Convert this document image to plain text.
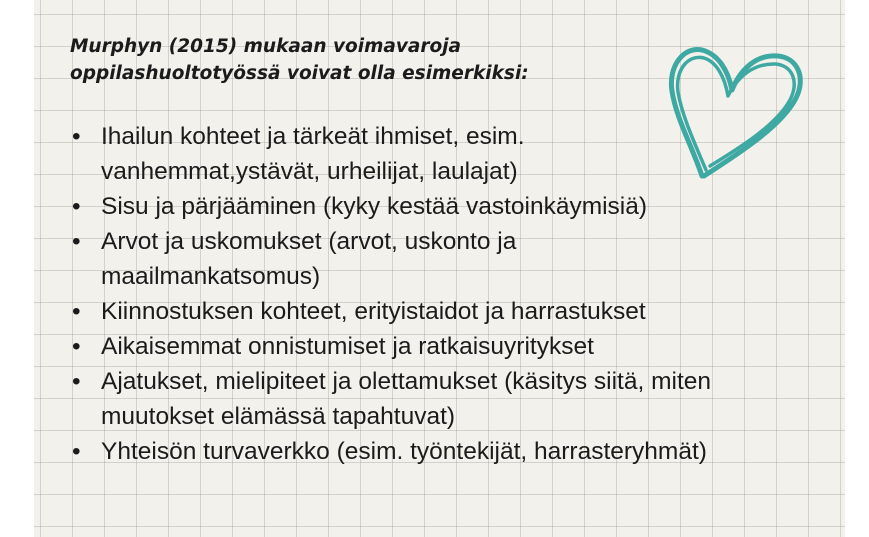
Murphyn (2015) mukaan voimavaroja
oppilashuoltotyössä voivat olla esimerkiksi:

• Ihailun kohteet ja tärkeät ihmiset, esim.
vanhemmat,ystävät, urheilijat, laulajat)
• Sisu ja pärjääminen (kyky kestää vastoinkäymisiä)
• Arvot ja uskomukset (arvot, uskonto ja
maailmankatsomus)
• Kiinnostuksen kohteet, erityistaidot ja harrastukset
• Aikaisemmat onnistumiset ja ratkaisuyritykset
• Ajatukset, mielipiteet ja olettamukset (käsitys siitä, miten
muutokset elämässä tapahtuvat)
• Yhteisön turvaverkko (esim. työntekijät, harrasteryhmät)
